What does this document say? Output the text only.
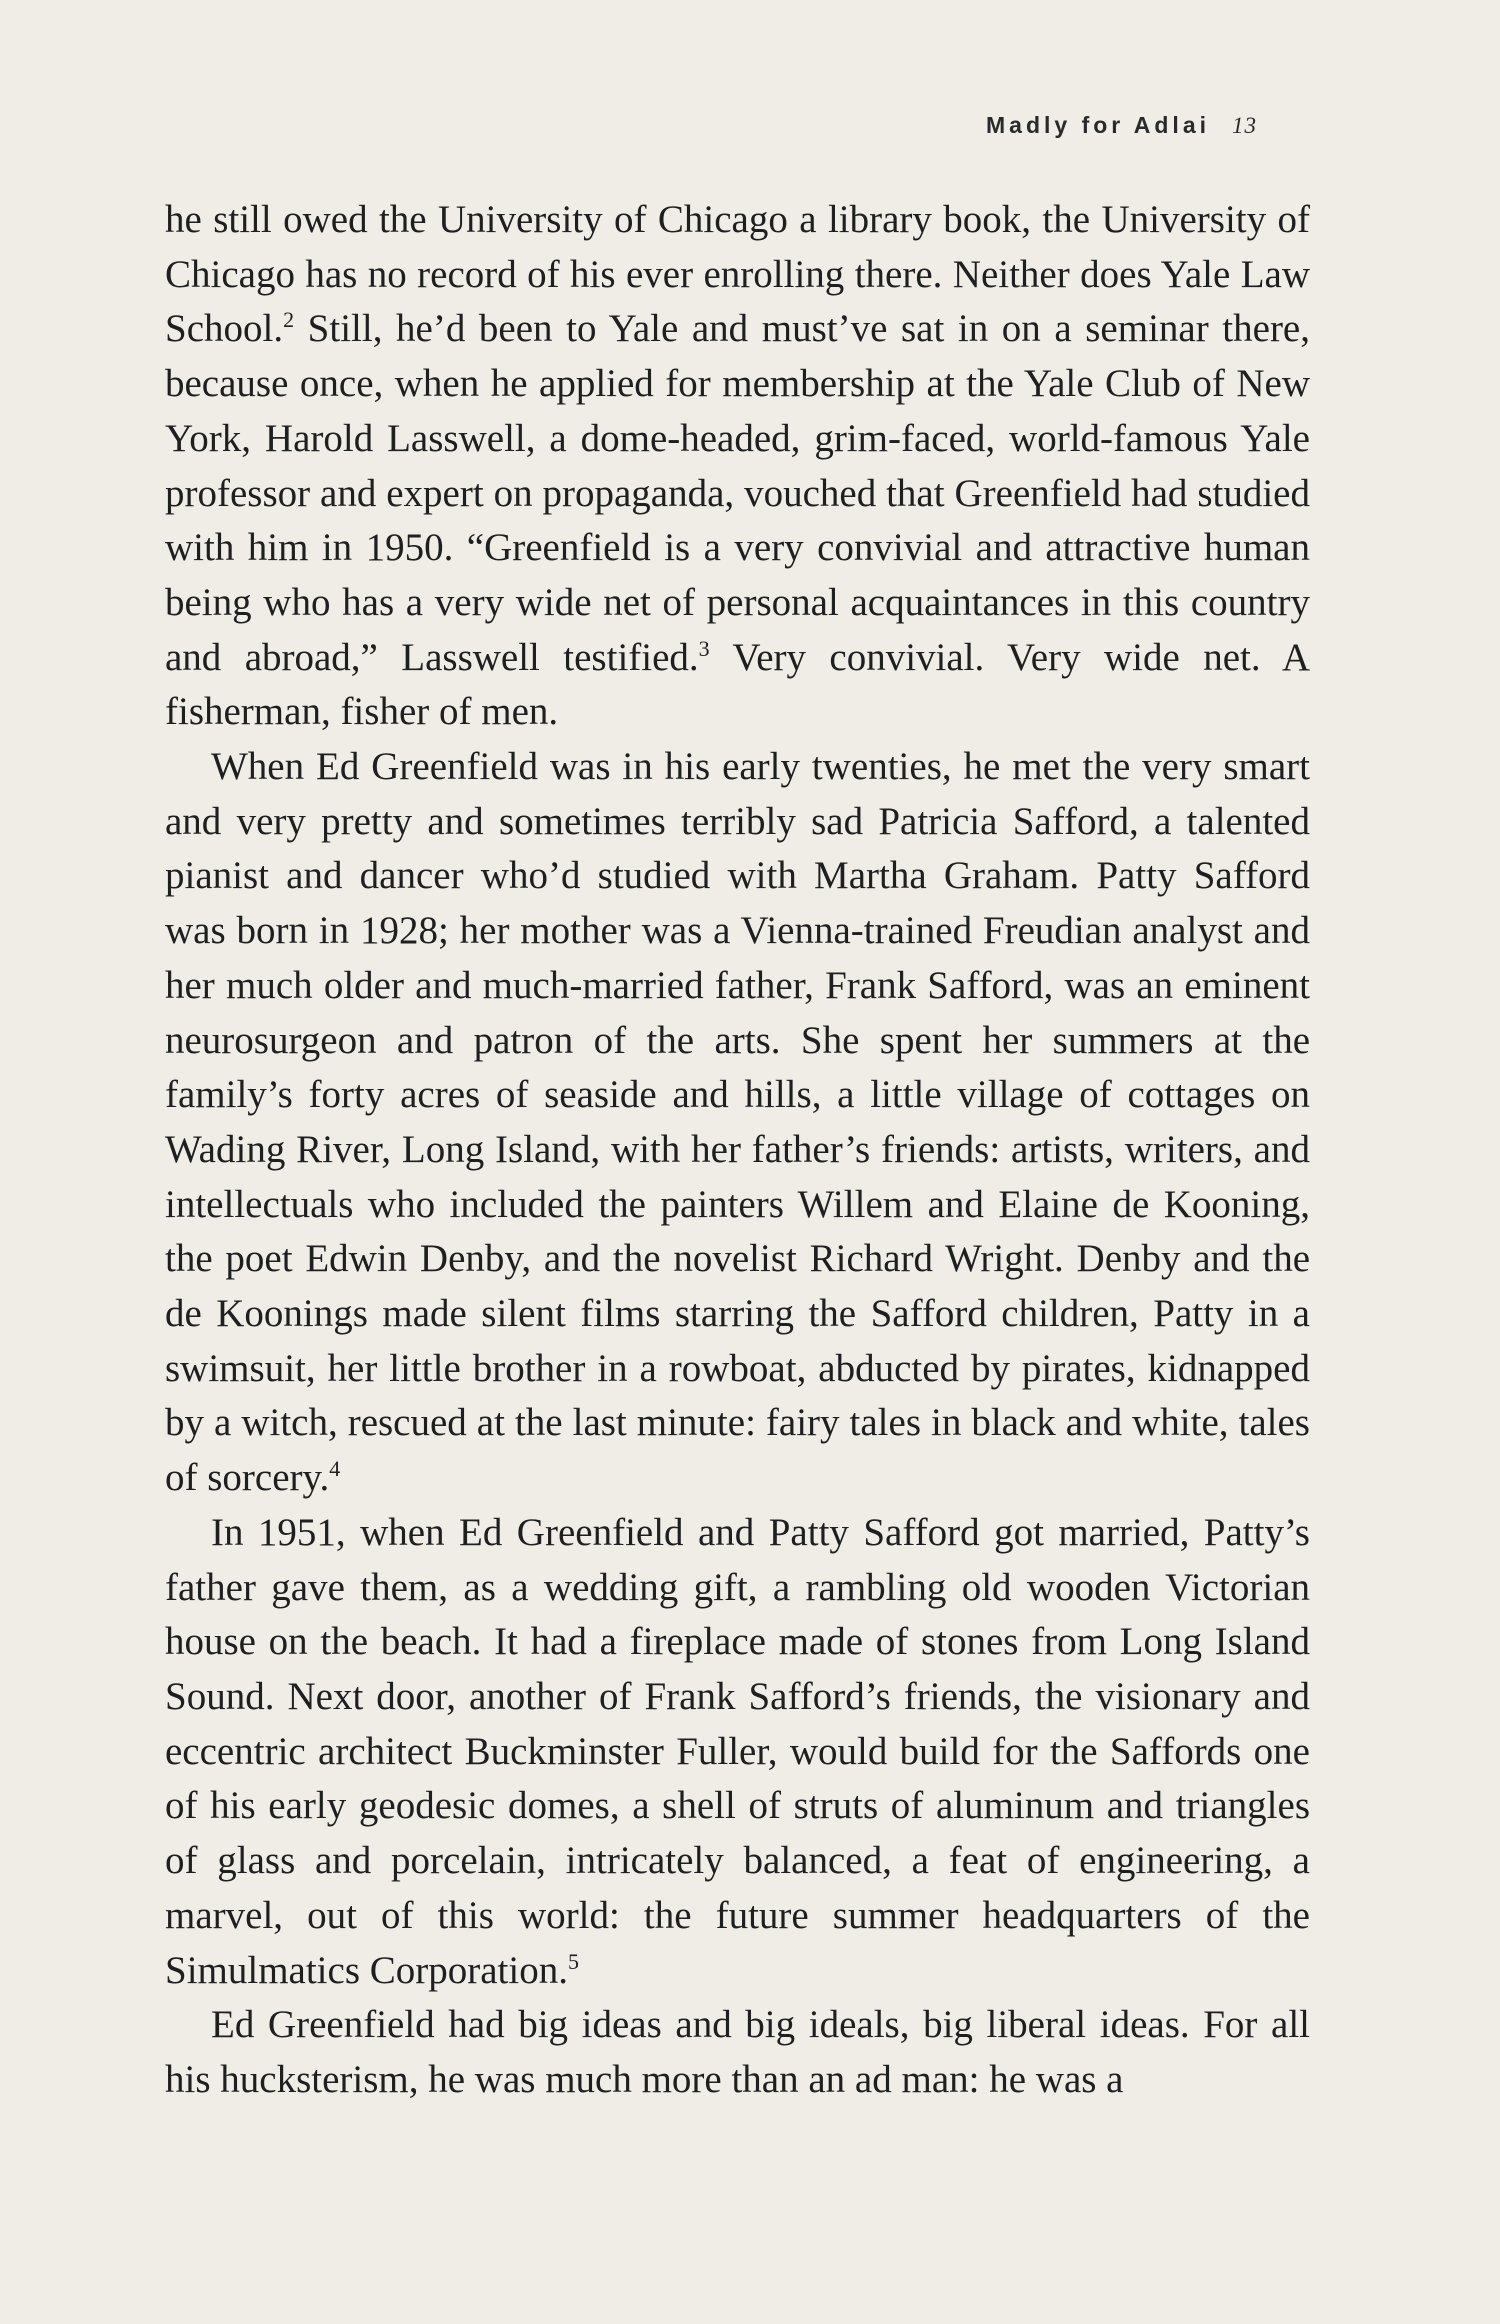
Madly for Adlai 13

he still owed the University of Chicago a library book, the University of Chicago has no record of his ever enrolling there. Neither does Yale Law School.$^2$ Still, he’d been to Yale and must’ve sat in on a seminar there, because once, when he applied for membership at the Yale Club of New York, Harold Lasswell, a dome-headed, grim-faced, world-famous Yale professor and expert on propaganda, vouched that Greenfield had studied with him in 1950. “Greenfield is a very convivial and attractive human being who has a very wide net of personal acquaintances in this country and abroad,” Lasswell testified.$^3$ Very convivial. Very wide net. A fisherman, fisher of men.

When Ed Greenfield was in his early twenties, he met the very smart and very pretty and sometimes terribly sad Patricia Safford, a talented pianist and dancer who’d studied with Martha Graham. Patty Safford was born in 1928; her mother was a Vienna-trained Freudian analyst and her much older and much-married father, Frank Safford, was an eminent neurosurgeon and patron of the arts. She spent her summers at the family’s forty acres of seaside and hills, a little village of cottages on Wading River, Long Island, with her father’s friends: artists, writers, and intellectuals who included the painters Willem and Elaine de Kooning, the poet Edwin Denby, and the novelist Richard Wright. Denby and the de Koonings made silent films starring the Safford children, Patty in a swimsuit, her little brother in a rowboat, abducted by pirates, kidnapped by a witch, rescued at the last minute: fairy tales in black and white, tales of sorcery.$^4$

In 1951, when Ed Greenfield and Patty Safford got married, Patty’s father gave them, as a wedding gift, a rambling old wooden Victorian house on the beach. It had a fireplace made of stones from Long Island Sound. Next door, another of Frank Safford’s friends, the visionary and eccentric architect Buckminster Fuller, would build for the Saffords one of his early geodesic domes, a shell of struts of aluminum and triangles of glass and porcelain, intricately balanced, a feat of engineering, a marvel, out of this world: the future summer headquarters of the Simulmatics Corporation.$^5$

Ed Greenfield had big ideas and big ideals, big liberal ideas. For all his hucksterism, he was much more than an ad man: he was a
